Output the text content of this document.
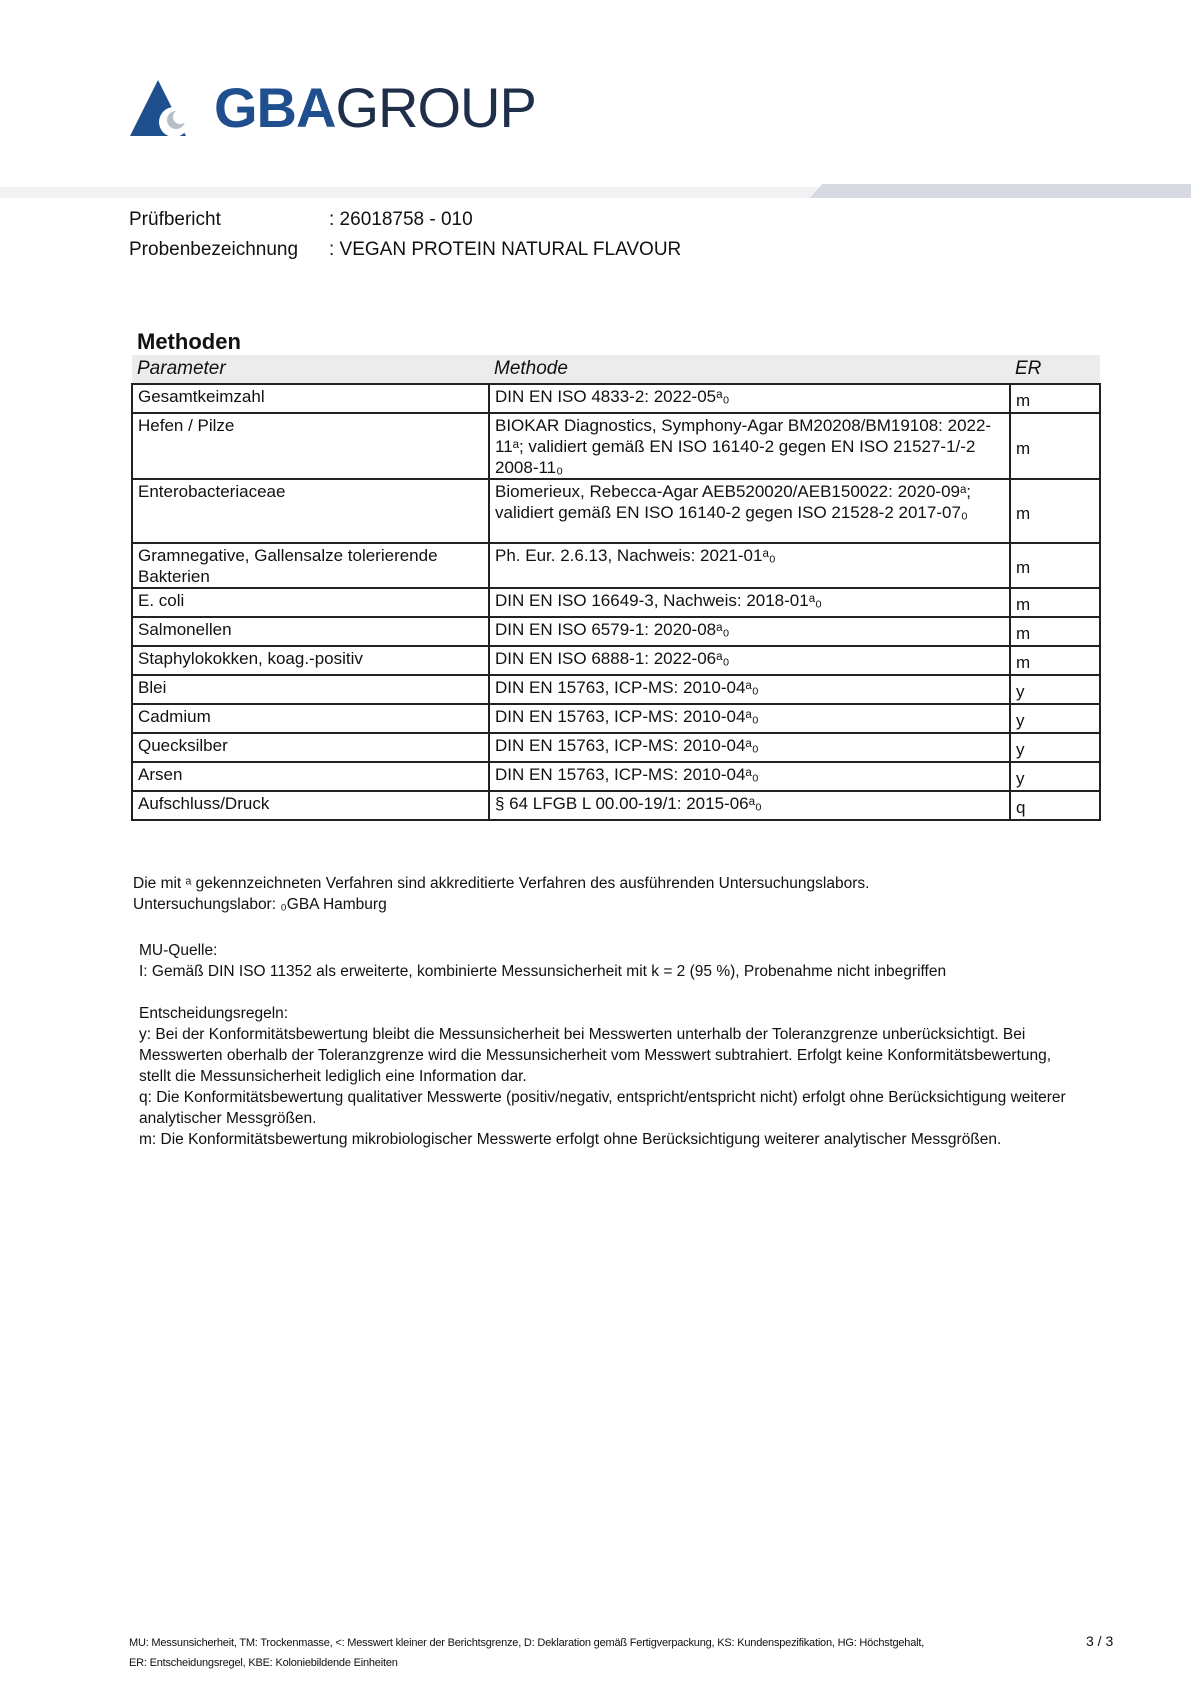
GBAGROUP
Prüfbericht	: 26018758 - 010
Probenbezeichnung : VEGAN PROTEIN NATURAL FLAVOUR
Methoden
Parameter	Methode	ER
Gesamtkeimzahl	DIN EN ISO 4833-2: 2022-05ᵃ₀	m
Hefen / Pilze	BIOKAR Diagnostics, Symphony-Agar BM20208/BM19108: 2022-11ᵃ; validiert gemäß EN ISO 16140-2 gegen EN ISO 21527-1/-2 2008-11₀	m
Enterobacteriaceae	Biomerieux, Rebecca-Agar AEB520020/AEB150022: 2020-09ᵃ; validiert gemäß EN ISO 16140-2 gegen ISO 21528-2 2017-07₀	m
Gramnegative, Gallensalze tolerierende Bakterien	Ph. Eur. 2.6.13, Nachweis: 2021-01ᵃ₀	m
E. coli	DIN EN ISO 16649-3, Nachweis: 2018-01ᵃ₀	m
Salmonellen	DIN EN ISO 6579-1: 2020-08ᵃ₀	m
Staphylokokken, koag.-positiv	DIN EN ISO 6888-1: 2022-06ᵃ₀	m
Blei	DIN EN 15763, ICP-MS: 2010-04ᵃ₀	y
Cadmium	DIN EN 15763, ICP-MS: 2010-04ᵃ₀	y
Quecksilber	DIN EN 15763, ICP-MS: 2010-04ᵃ₀	y
Arsen	DIN EN 15763, ICP-MS: 2010-04ᵃ₀	y
Aufschluss/Druck	§ 64 LFGB L 00.00-19/1: 2015-06ᵃ₀	q
Die mit ᵃ gekennzeichneten Verfahren sind akkreditierte Verfahren des ausführenden Untersuchungslabors.
Untersuchungslabor: ₀GBA Hamburg
MU-Quelle:
I: Gemäß DIN ISO 11352 als erweiterte, kombinierte Messunsicherheit mit k = 2 (95 %), Probenahme nicht inbegriffen
Entscheidungsregeln:
y: Bei der Konformitätsbewertung bleibt die Messunsicherheit bei Messwerten unterhalb der Toleranzgrenze unberücksichtigt. Bei Messwerten oberhalb der Toleranzgrenze wird die Messunsicherheit vom Messwert subtrahiert. Erfolgt keine Konformitätsbewertung, stellt die Messunsicherheit lediglich eine Information dar.
q: Die Konformitätsbewertung qualitativer Messwerte (positiv/negativ, entspricht/entspricht nicht) erfolgt ohne Berücksichtigung weiterer analytischer Messgrößen.
m: Die Konformitätsbewertung mikrobiologischer Messwerte erfolgt ohne Berücksichtigung weiterer analytischer Messgrößen.
MU: Messunsicherheit, TM: Trockenmasse, <: Messwert kleiner der Berichtsgrenze, D: Deklaration gemäß Fertigverpackung, KS: Kundenspezifikation, HG: Höchstgehalt,
ER: Entscheidungsregel, KBE: Koloniebildende Einheiten
3 / 3
